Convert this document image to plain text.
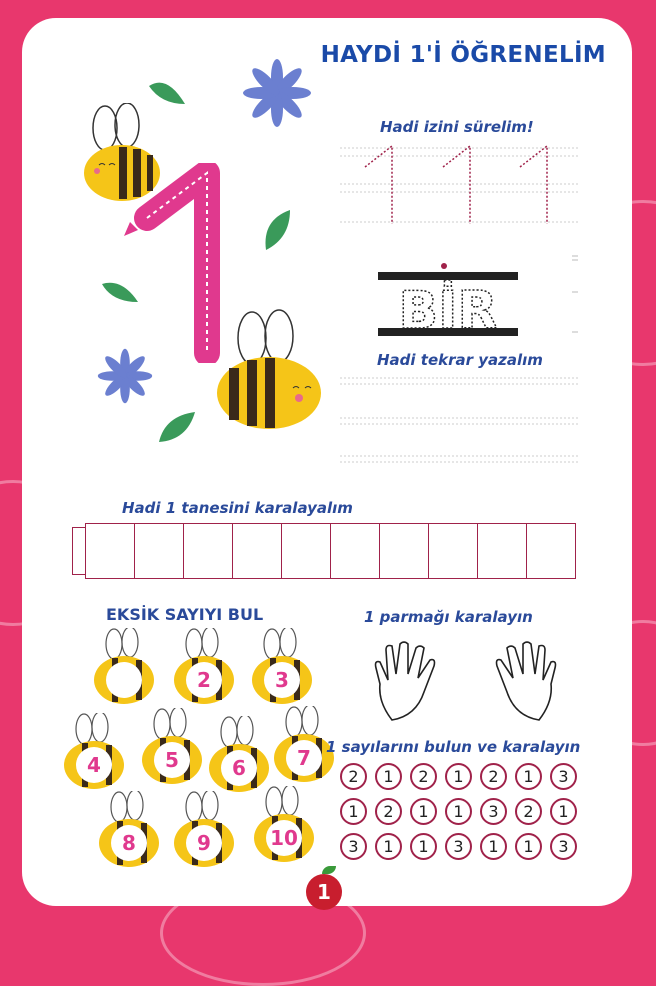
HAYDİ 1'İ ÖĞRENELİM
Hadi izini sürelim!
BİR
Hadi tekrar yazalım
Hadi 1 tanesini karalayalım
EKSİK SAYIYI BUL
2	3
4	5	6	7
8	9	10
1 parmağı karalayın
1 sayılarını bulun ve karalayın
2	1	2	1	2	1	3
1	2	1	1	3	2	1
3	1	1	3	1	1	3
1
